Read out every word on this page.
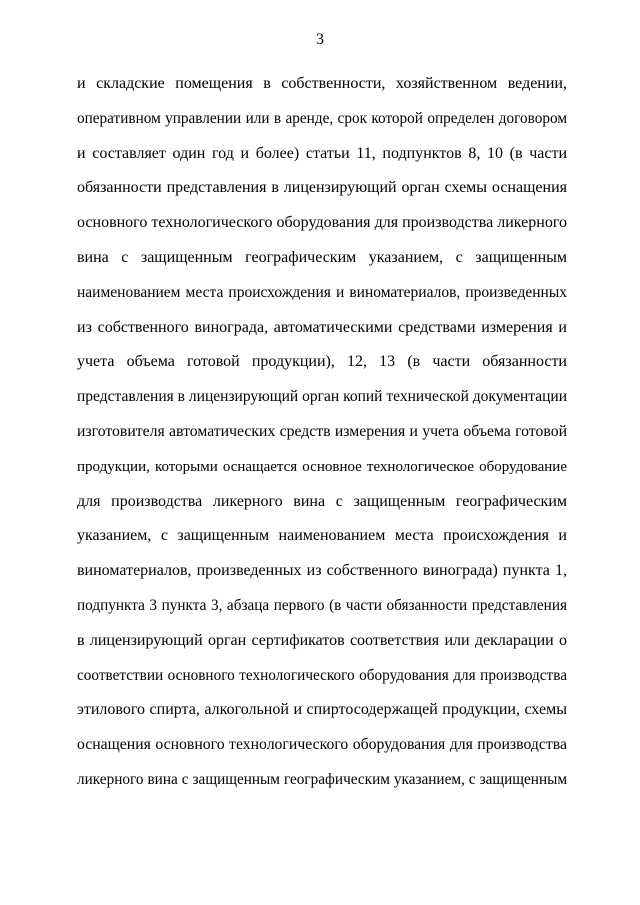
3
и складские помещения в собственности, хозяйственном ведении,
оперативном управлении или в аренде, срок которой определен договором
и составляет один год и более) статьи 11, подпунктов 8, 10 (в части
обязанности представления в лицензирующий орган схемы оснащения
основного технологического оборудования для производства ликерного
вина с защищенным географическим указанием, с защищенным
наименованием места происхождения и виноматериалов, произведенных
из собственного винограда, автоматическими средствами измерения и
учета объема готовой продукции), 12, 13 (в части обязанности
представления в лицензирующий орган копий технической документации
изготовителя автоматических средств измерения и учета объема готовой
продукции, которыми оснащается основное технологическое оборудование
для производства ликерного вина с защищенным географическим
указанием, с защищенным наименованием места происхождения и
виноматериалов, произведенных из собственного винограда) пункта 1,
подпункта 3 пункта 3, абзаца первого (в части обязанности представления
в лицензирующий орган сертификатов соответствия или декларации о
соответствии основного технологического оборудования для производства
этилового спирта, алкогольной и спиртосодержащей продукции, схемы
оснащения основного технологического оборудования для производства
ликерного вина с защищенным географическим указанием, с защищенным
